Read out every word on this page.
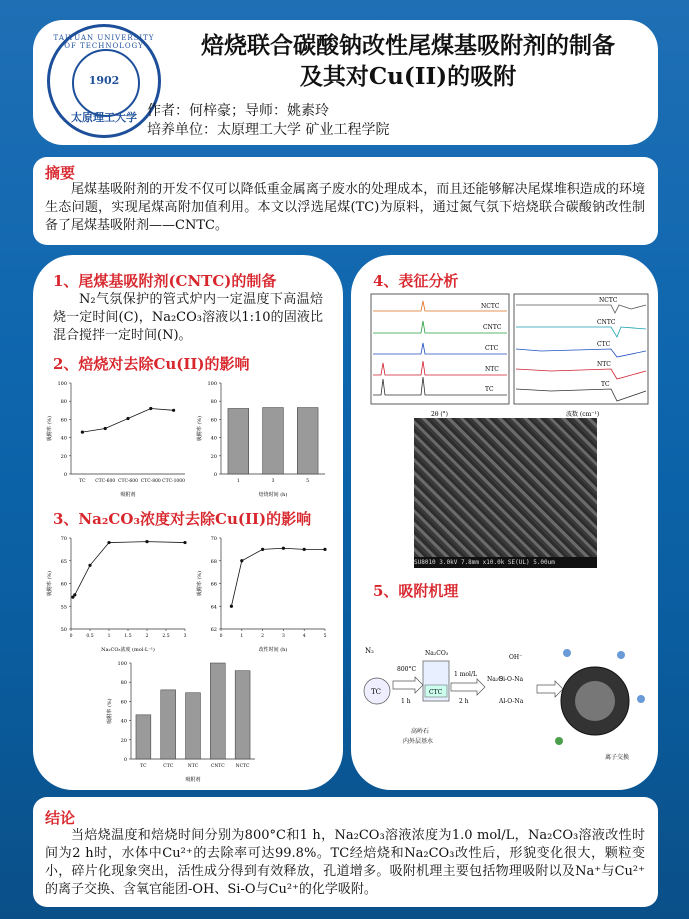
TAIYUAN UNIVERSITY OF TECHNOLOGY
1902
太原理工大学
焙烧联合碳酸钠改性尾煤基吸附剂的制备
及其对Cu(II)的吸附
作者：何梓豪；导师：姚素玲
培养单位：太原理工大学 矿业工程学院
摘要
尾煤基吸附剂的开发不仅可以降低重金属离子废水的处理成本，而且还能够解决尾煤堆积造成的环境生态问题，实现尾煤高附加值利用。本文以浮选尾煤(TC)为原料，通过氮气氛下焙烧联合碳酸钠改性制备了尾煤基吸附剂——CNTC。
1、尾煤基吸附剂(CNTC)的制备
N₂气氛保护的管式炉内一定温度下高温焙烧一定时间(C)，Na₂CO₃溶液以1:10的固液比混合搅拌一定时间(N)。
2、焙烧对去除Cu(II)的影响
0
20
40
60
80
100
吸附率 (%)
吸附剂
TC CTC-600 CTC-600 CTC-800 CTC-1000
0
20
40
60
80
100
吸附率 (%)
焙烧时间 (h)
1	3	5
3、Na₂CO₃浓度对去除Cu(II)的影响
50
55
60
65
70
吸附率 (%)
Na₂CO₃浓度 (mol·L⁻¹)
0	0.5	1	1.5	2	2.5	3
62
64
66
68
70
吸附率 (%)
改性时间 (h)
0	1	2	3	4	5
0
20
40
60
80
100
吸附率 (%)
吸附剂
TC	CTC	NTC	CNTC NCTC
4、表征分析
NCTC
CNTC
CTC
NTC
TC
2θ (°)
NCTC
CNTC
CTC
NTC
TC
波数 (cm⁻¹)
5、吸附机理
N₂
TC
800°C
1 h
Na₂CO₃
CTC
高岭石
内外层基水
1 mol/L
2 h
Na₂O
OH⁻
Si-O-Na
Al-O-Na
离子交换
SU8010 3.0kV 7.8mm x10.0k SE(UL) 5.00um
结论
当焙烧温度和焙烧时间分别为800°C和1 h，Na₂CO₃溶液浓度为1.0 mol/L，Na₂CO₃溶液改性时间为2 h时，水体中Cu²⁺的去除率可达99.8%。TC经焙烧和Na₂CO₃改性后，形貌变化很大，颗粒变小，碎片化现象突出，活性成分得到有效释放，孔道增多。吸附机理主要包括物理吸附以及Na⁺与Cu²⁺的离子交换、含氧官能团-OH、Si-O与Cu²⁺的化学吸附。
